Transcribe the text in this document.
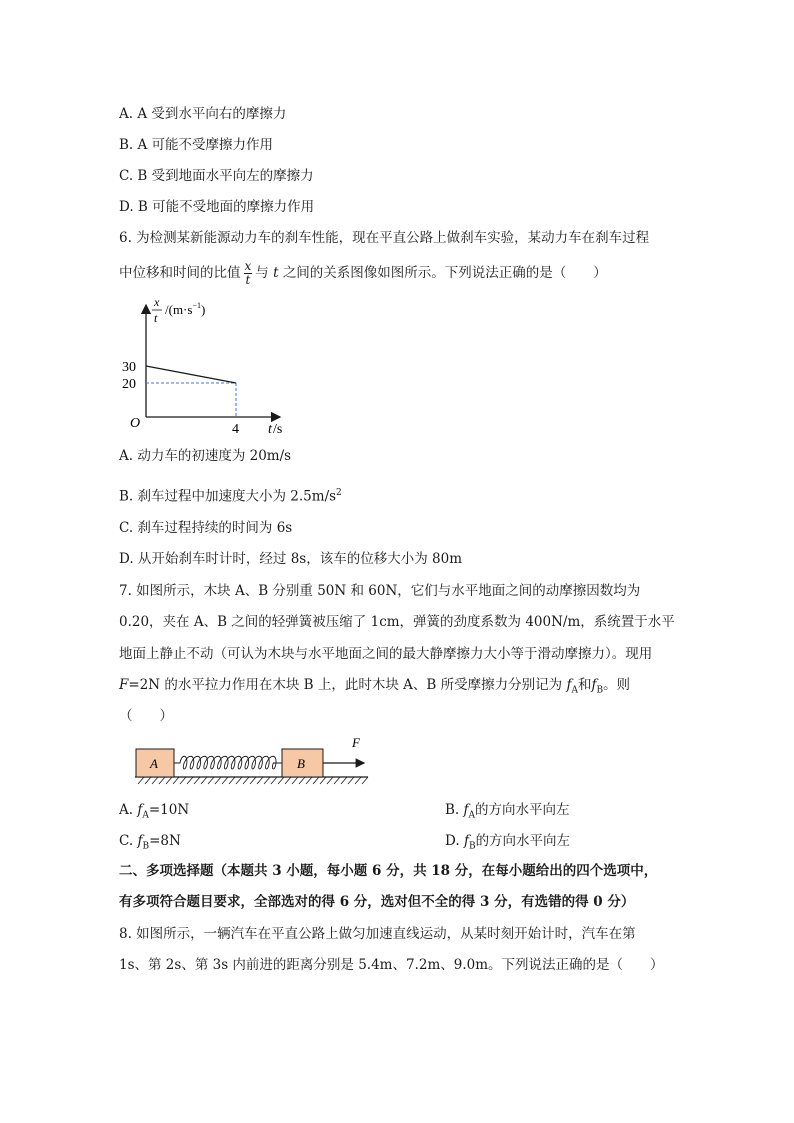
A. A 受到水平向右的摩擦力
B. A 可能不受摩擦力作用
C. B 受到地面水平向左的摩擦力
D. B 可能不受地面的摩擦力作用
6. 为检测某新能源动力车的刹车性能，现在平直公路上做刹车实验，某动力车在刹车过程
中位移和时间的比值 $\frac{x}{t}$ 与 t 之间的关系图像如图所示。下列说法正确的是（　　）
30
20
4
O	t /s
x
t
$/(m\cdot s^{-1})$
A. 动力车的初速度为 20m/s
B. 刹车过程中加速度大小为 $2.5m/s^2$
C. 刹车过程持续的时间为 6s
D. 从开始刹车时计时，经过 8s，该车的位移大小为 80m
7. 如图所示，木块 A、B 分别重 50N 和 60N，它们与水平地面之间的动摩擦因数均为
0.20，夹在 A、B 之间的轻弹簧被压缩了 1cm，弹簧的劲度系数为 400N/m，系统置于水平
地面上静止不动（可认为木块与水平地面之间的最大静摩擦力大小等于滑动摩擦力）。现用
F=2N 的水平拉力作用在木块 B 上，此时木块 A、B 所受摩擦力分别记为 $f_A$和$f_B$。则
（　　）
A	B
F
A. $f_A=10N$	B. $f_A$的方向水平向左
C. $f_B=8N$	D. $f_B$的方向水平向左
二、多项选择题（本题共 3 小题，每小题 6 分，共 18 分，在每小题给出的四个选项中，
有多项符合题目要求，全部选对的得 6 分，选对但不全的得 3 分，有选错的得 0 分）
8. 如图所示，一辆汽车在平直公路上做匀加速直线运动，从某时刻开始计时，汽车在第
1s、第 2s、第 3s 内前进的距离分别是 5.4m、7.2m、9.0m。下列说法正确的是（　　）
